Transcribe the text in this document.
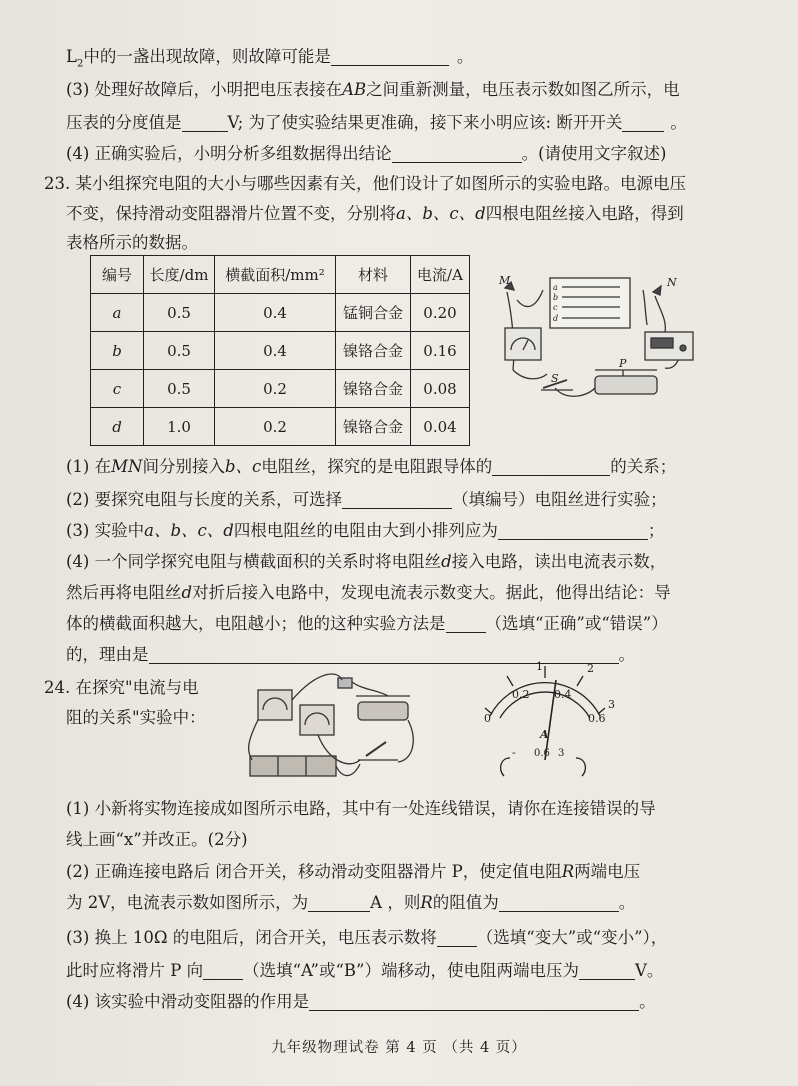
$L_2$中的一盏出现故障，则故障可能是	。
(3) 处理好故障后，小明把电压表接在AB之间重新测量，电压表示数如图乙所示，电
压表的分度值是	V; 为了使实验结果更准确，接下来小明应该: 断开开关	。
(4) 正确实验后，小明分析多组数据得出结论	。(请使用文字叙述)
23. 某小组探究电阻的大小与哪些因素有关，他们设计了如图所示的实验电路。电源电压
不变，保持滑动变阻器滑片位置不变，分别将a、b、c、d四根电阻丝接入电路，得到
表格所示的数据。
编号	长度/dm	横截面积/mm²	材料	电流/A
a	0.5	0.4	锰铜合金	0.20
b	0.5	0.4	镍铬合金	0.16
c	0.5	0.2	镍铬合金	0.08
d	1.0	0.2	镍铬合金	0.04
M	N
S
P
a
b
c
d
(1) 在MN间分别接入b、c电阻丝，探究的是电阻跟导体的	的关系；
(2) 要探究电阻与长度的关系，可选择	（填编号）电阻丝进行实验；
(3) 实验中a、b、c、d四根电阻丝的电阻由大到小排列应为	；
(4) 一个同学探究电阻与横截面积的关系时将电阻丝d接入电路，读出电流表示数，
然后再将电阻丝d对折后接入电路中，发现电流表示数变大。据此，他得出结论：导
体的横截面积越大，电阻越小；他的这种实验方法是 （选填“正确”或“错误”）
的，理由是	。
24. 在探究"电流与电
阻的关系"实验中：
1	2
3
0
0.2 0.4
0.6
A
- 0.6 3
(1) 小新将实物连接成如图所示电路，其中有一处连线错误，请你在连接错误的导
线上画“x”并改正。(2分)
(2) 正确连接电路后 闭合开关，移动滑动变阻器滑片 P，使定值电阻R两端电压
为 2V，电流表示数如图所示，为	A ，则R的阻值为	。
(3) 换上 10Ω 的电阻后，闭合开关，电压表示数将 （选填“变大”或“变小”），
此时应将滑片 P 向 （选填“A”或“B”）端移动，使电阻两端电压为	V。
(4) 该实验中滑动变阻器的作用是	。
九年级物理试卷 第 4 页 （共 4 页）
